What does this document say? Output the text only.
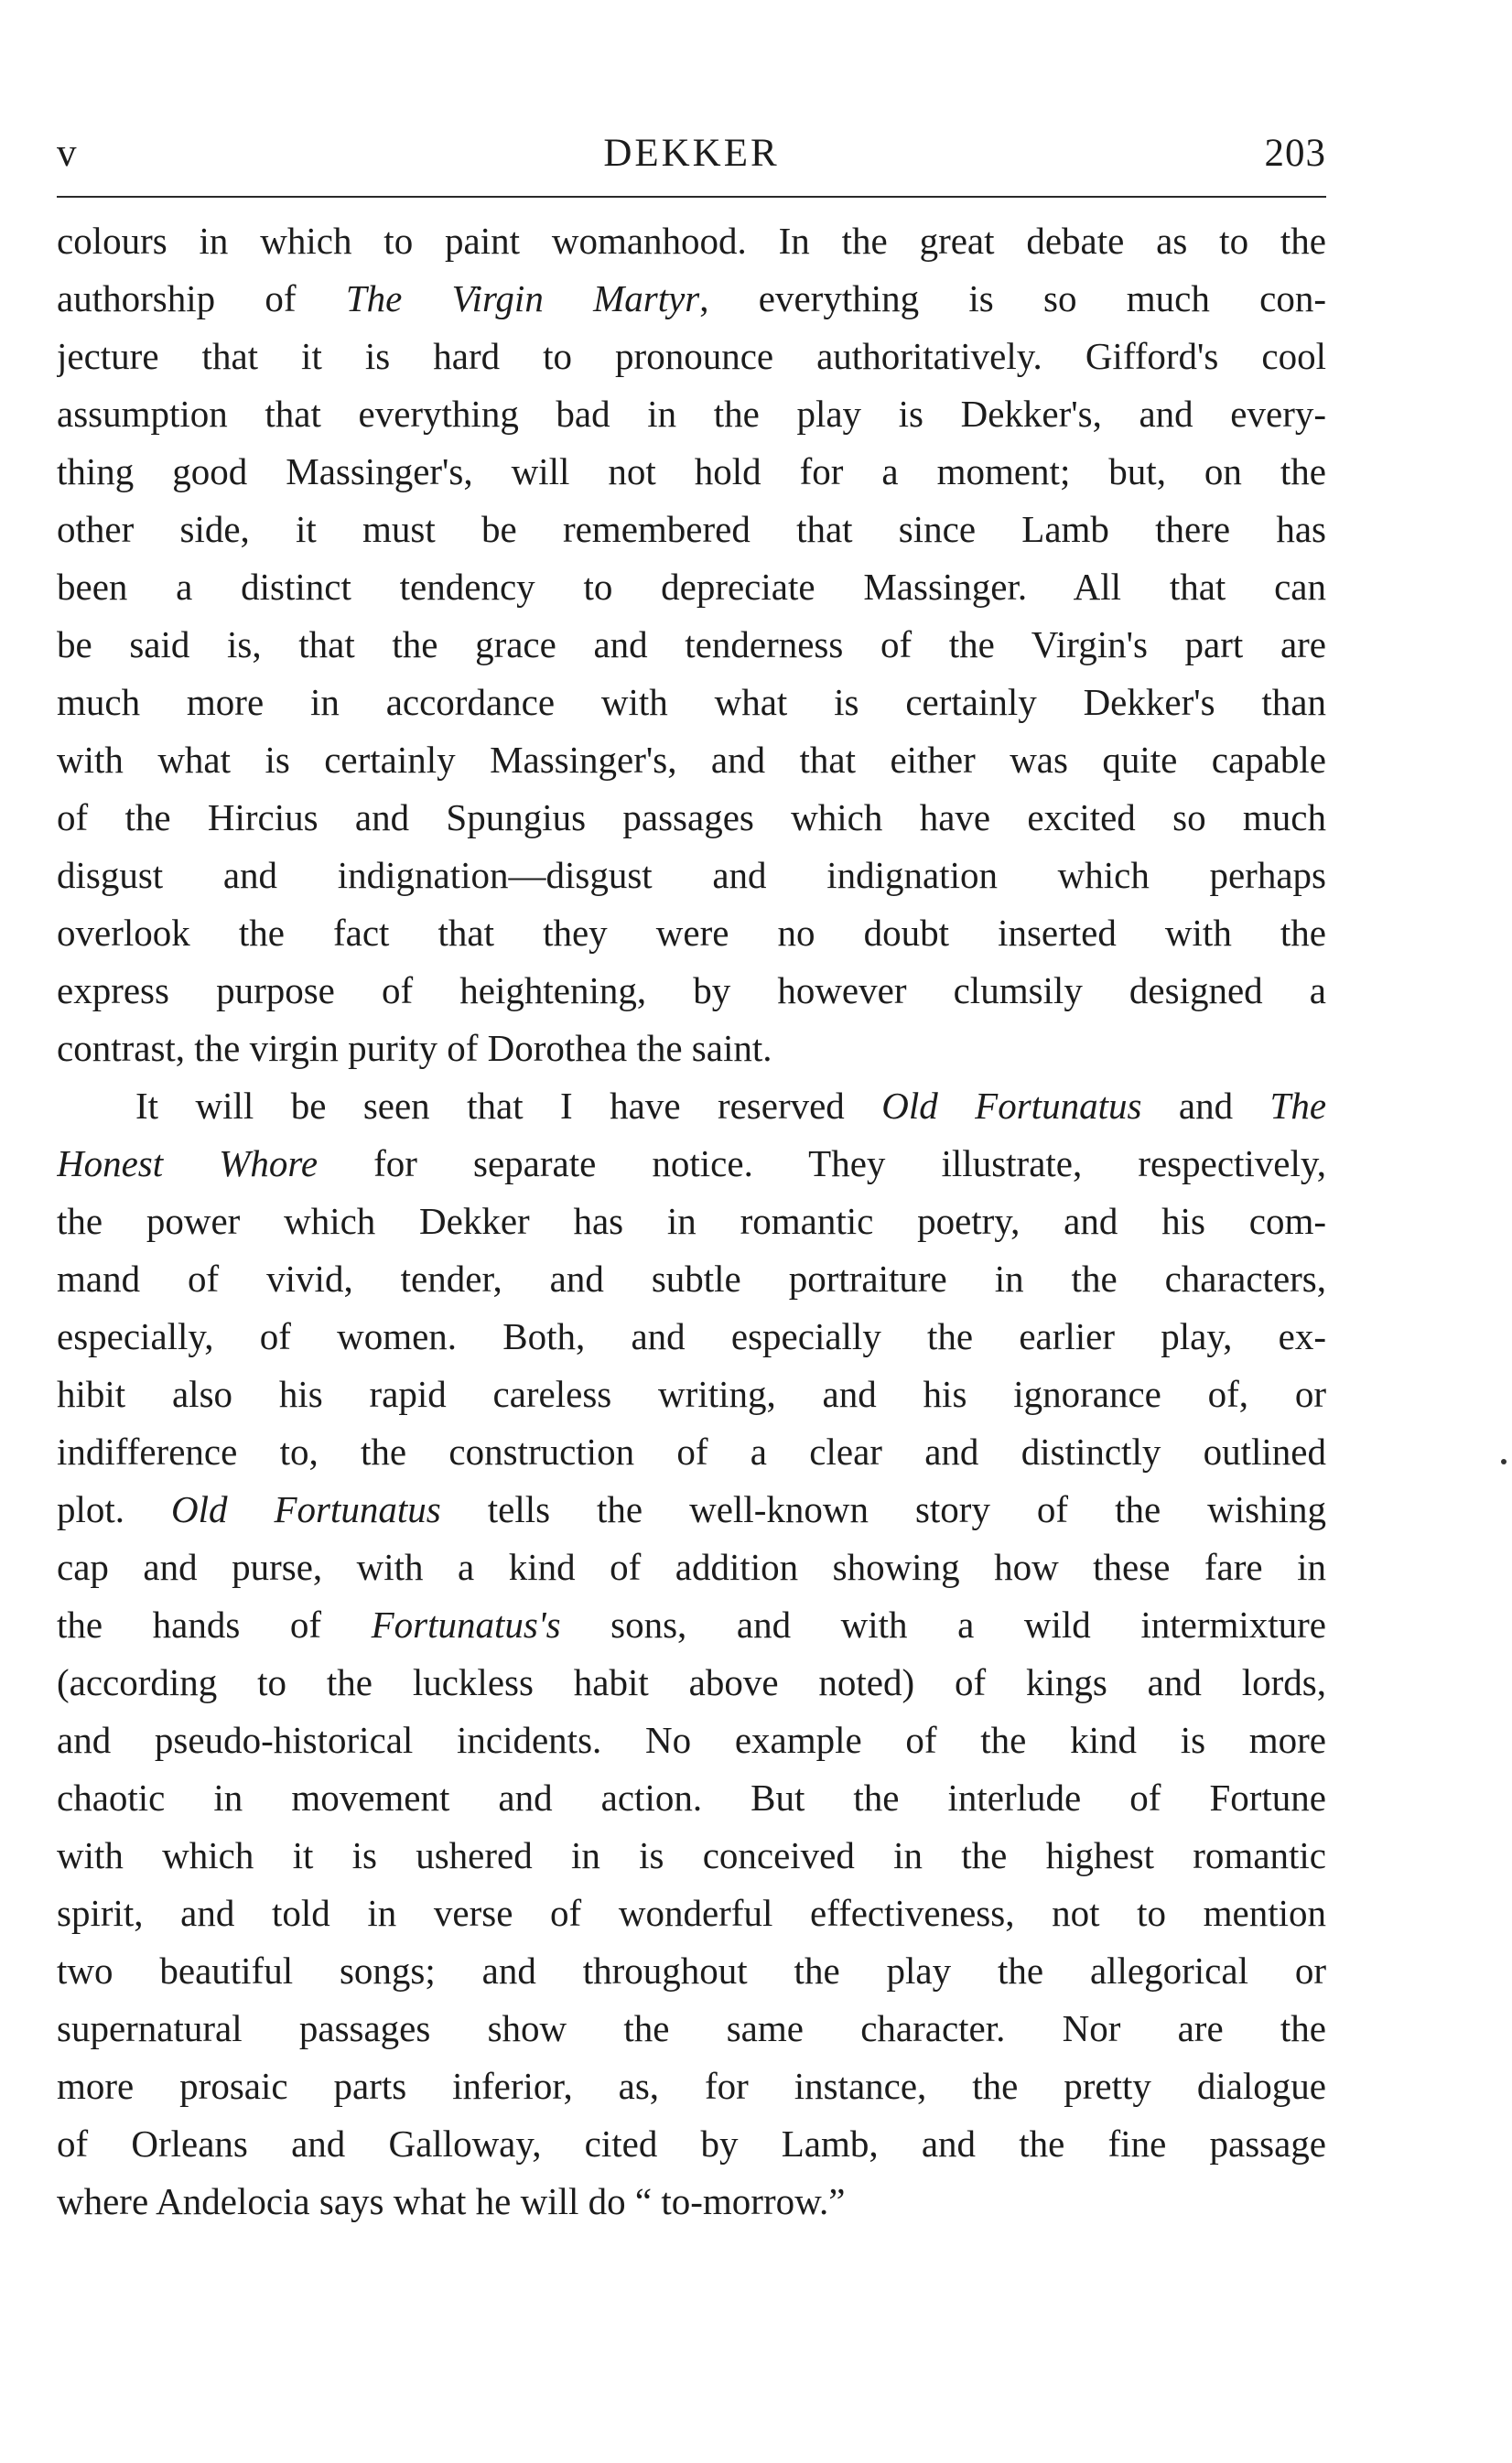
v	DEKKER	203
colours in which to paint womanhood. In the great debate as to the
authorship of The Virgin Martyr, everything is so much con-
jecture that it is hard to pronounce authoritatively. Gifford's cool
assumption that everything bad in the play is Dekker's, and every-
thing good Massinger's, will not hold for a moment; but, on the
other side, it must be remembered that since Lamb there has
been a distinct tendency to depreciate Massinger. All that can
be said is, that the grace and tenderness of the Virgin's part are
much more in accordance with what is certainly Dekker's than
with what is certainly Massinger's, and that either was quite capable
of the Hircius and Spungius passages which have excited so much
disgust and indignation—disgust and indignation which perhaps
overlook the fact that they were no doubt inserted with the
express purpose of heightening, by however clumsily designed a
contrast, the virgin purity of Dorothea the saint.
It will be seen that I have reserved Old Fortunatus and The
Honest Whore for separate notice. They illustrate, respectively,
the power which Dekker has in romantic poetry, and his com-
mand of vivid, tender, and subtle portraiture in the characters,
especially, of women. Both, and especially the earlier play, ex-
hibit also his rapid careless writing, and his ignorance of, or
indifference to, the construction of a clear and distinctly outlined
plot. Old Fortunatus tells the well-known story of the wishing
cap and purse, with a kind of addition showing how these fare in
the hands of Fortunatus's sons, and with a wild intermixture
(according to the luckless habit above noted) of kings and lords,
and pseudo-historical incidents. No example of the kind is more
chaotic in movement and action. But the interlude of Fortune
with which it is ushered in is conceived in the highest romantic
spirit, and told in verse of wonderful effectiveness, not to mention
two beautiful songs; and throughout the play the allegorical or
supernatural passages show the same character. Nor are the
more prosaic parts inferior, as, for instance, the pretty dialogue
of Orleans and Galloway, cited by Lamb, and the fine passage
where Andelocia says what he will do “ to-morrow.”
